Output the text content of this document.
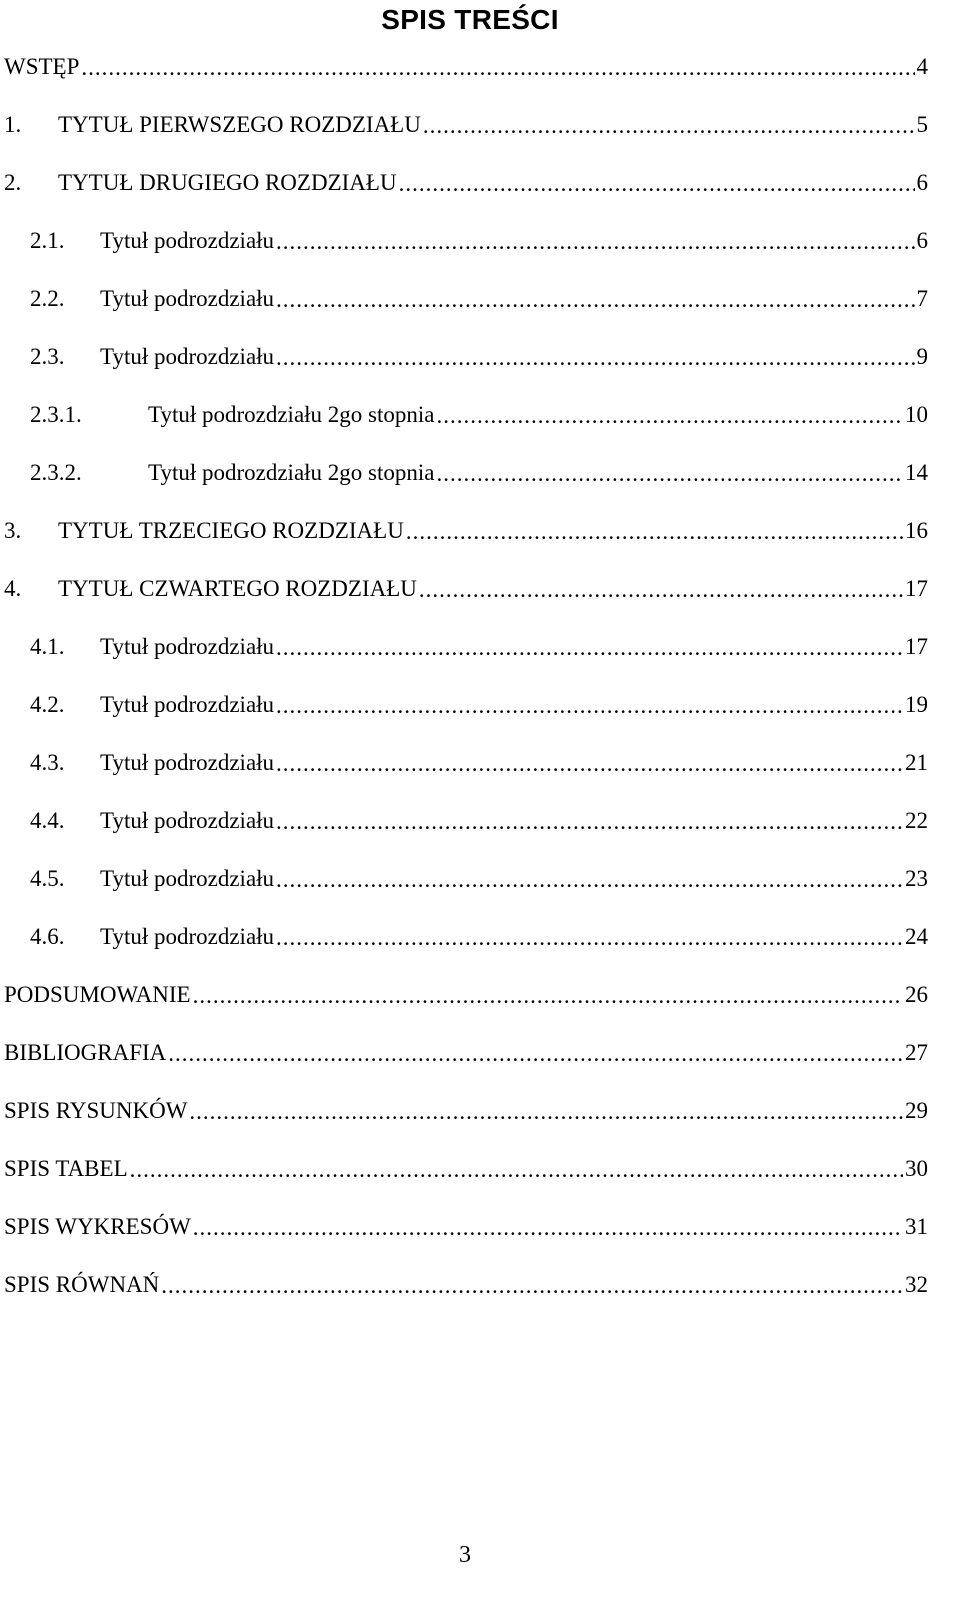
SPIS TREŚCI
WSTĘP .....	4
1.	TYTUŁ PIERWSZEGO ROZDZIAŁU .....	5
2.	TYTUŁ DRUGIEGO ROZDZIAŁU .....	6
2.1.	Tytuł podrozdziału .....	6
2.2.	Tytuł podrozdziału .....	7
2.3.	Tytuł podrozdziału .....	9
2.3.1.	Tytuł podrozdziału 2go stopnia .....	10
2.3.2.	Tytuł podrozdziału 2go stopnia .....	14
3.	TYTUŁ TRZECIEGO ROZDZIAŁU .....	16
4.	TYTUŁ CZWARTEGO ROZDZIAŁU .....	17
4.1.	Tytuł podrozdziału .....	17
4.2.	Tytuł podrozdziału .....	19
4.3.	Tytuł podrozdziału .....	21
4.4.	Tytuł podrozdziału .....	22
4.5.	Tytuł podrozdziału .....	23
4.6.	Tytuł podrozdziału .....	24
PODSUMOWANIE .....	26
BIBLIOGRAFIA .....	27
SPIS RYSUNKÓW .....	29
SPIS TABEL .....	30
SPIS WYKRESÓW .....	31
SPIS RÓWNAŃ .....	32
3
